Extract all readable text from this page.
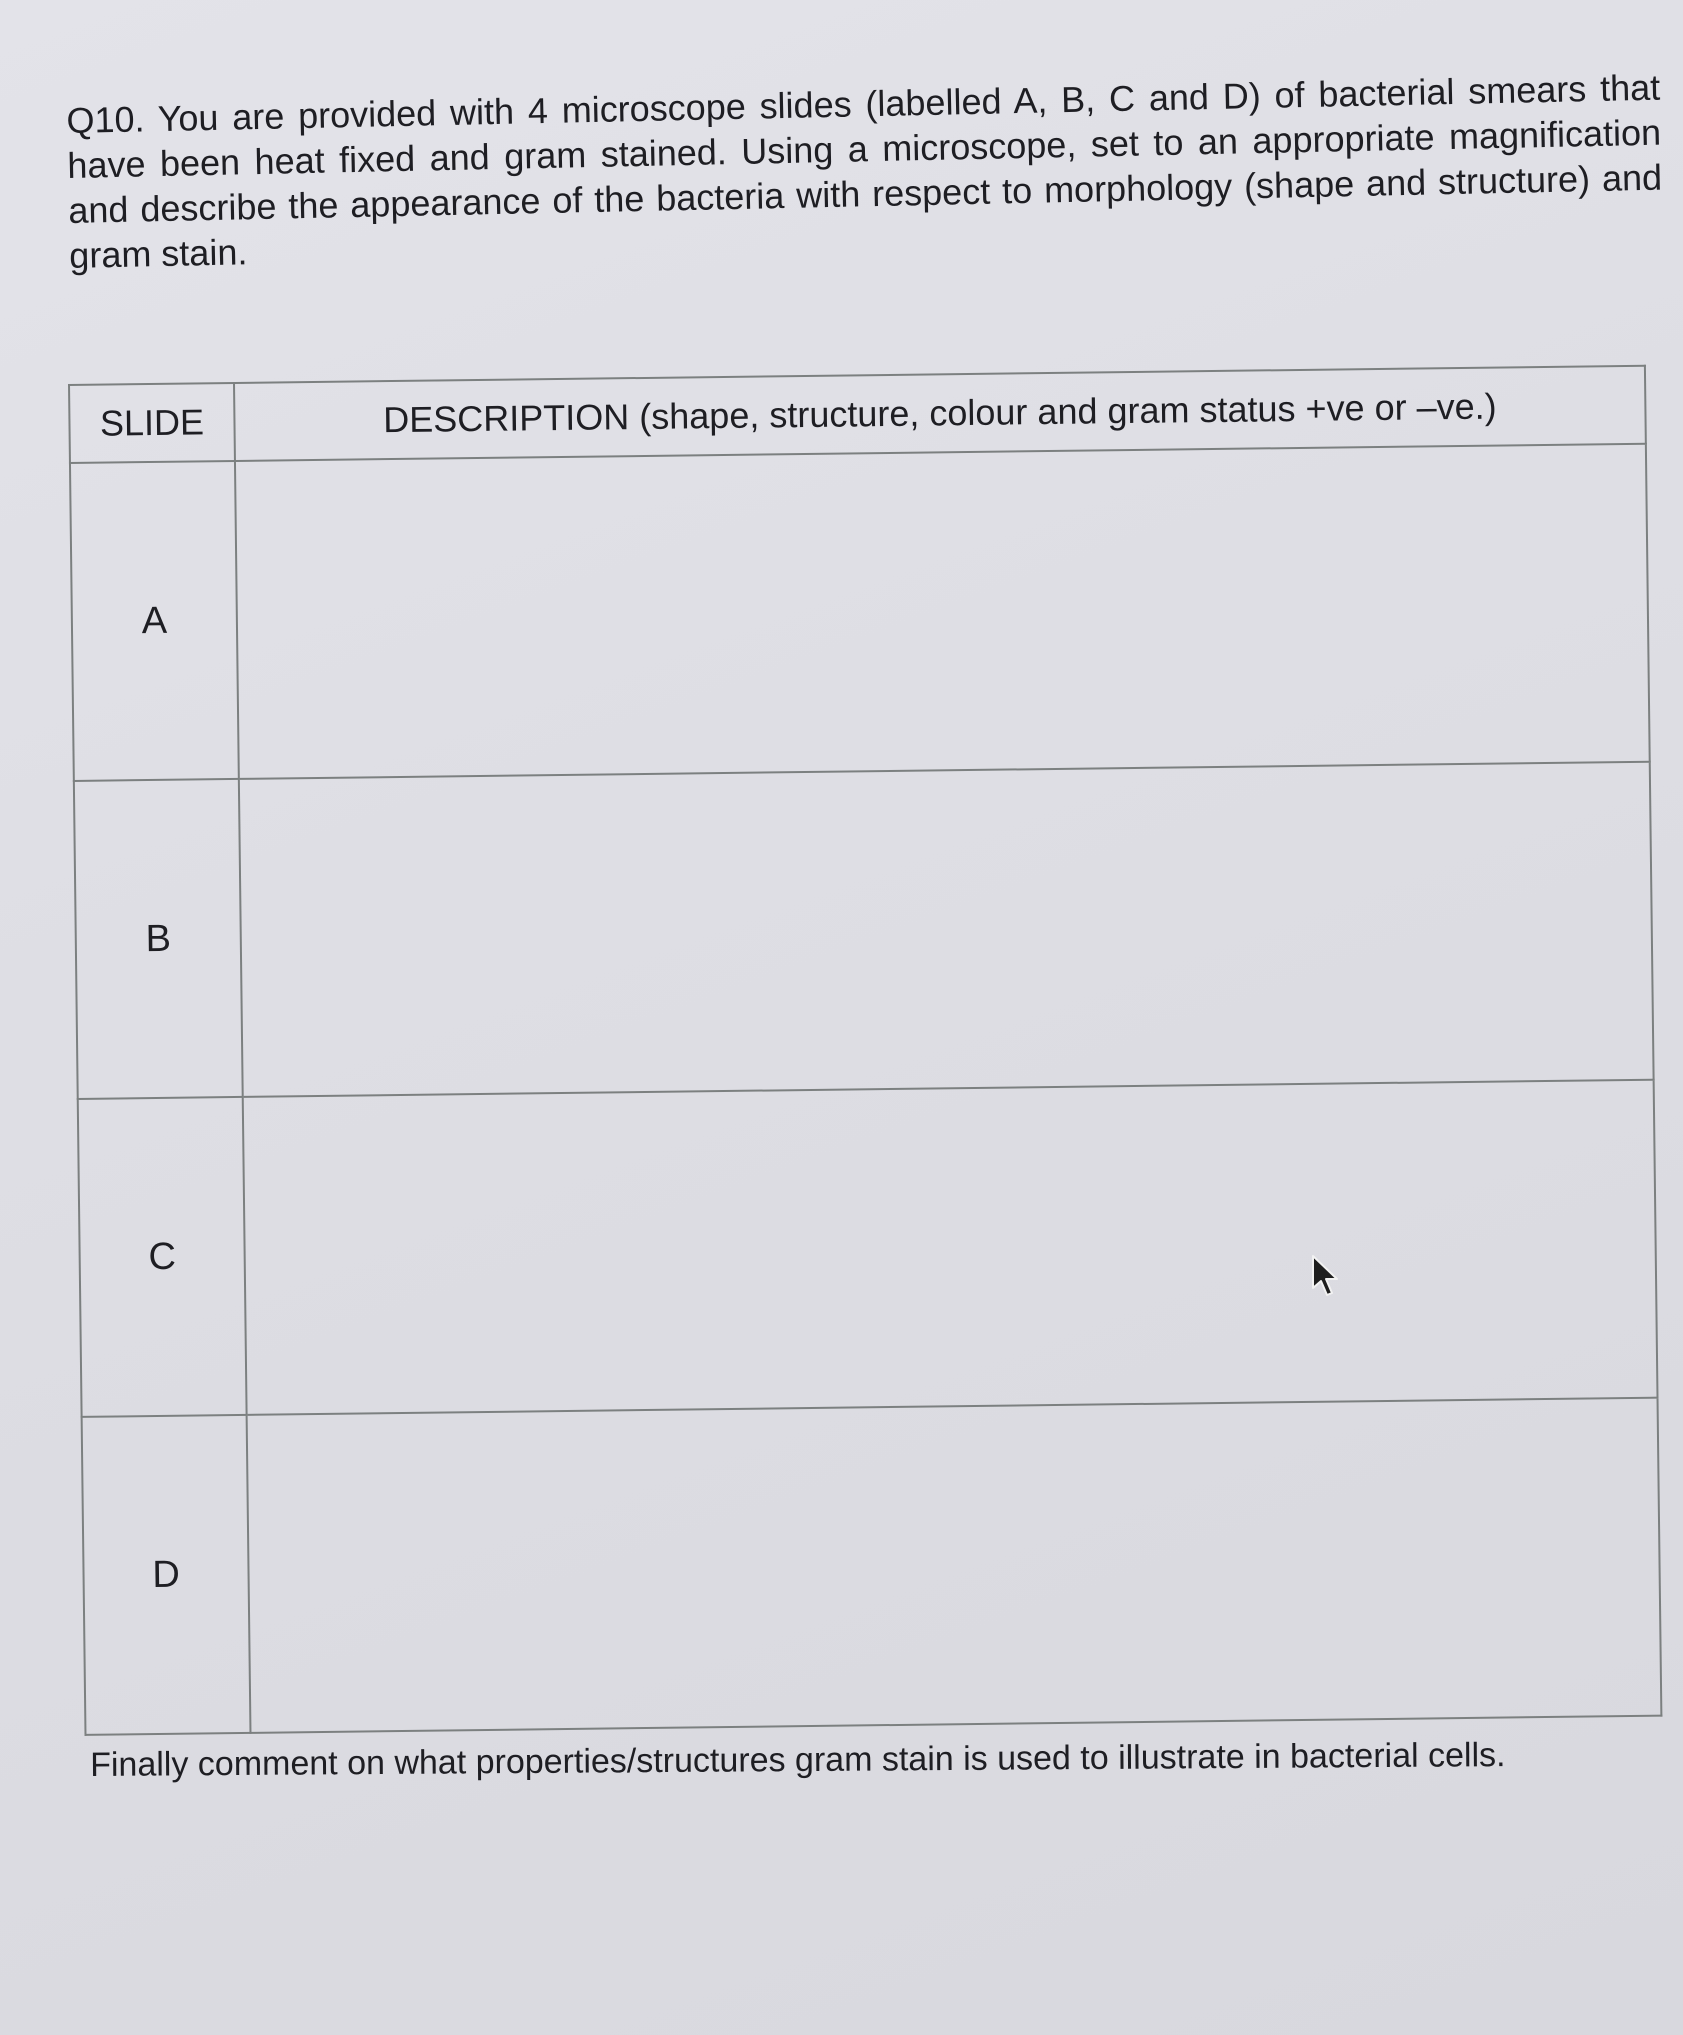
Q10. You are provided with 4 microscope slides (labelled A, B, C and D) of bacterial smears that have been heat fixed and gram stained. Using a microscope, set to an appropriate magnification and describe the appearance of the bacteria with respect to morphology (shape and structure) and gram stain.

SLIDE	DESCRIPTION (shape, structure, colour and gram status +ve or –ve.)
A	
B	
C	
D	

Finally comment on what properties/structures gram stain is used to illustrate in bacterial cells.
